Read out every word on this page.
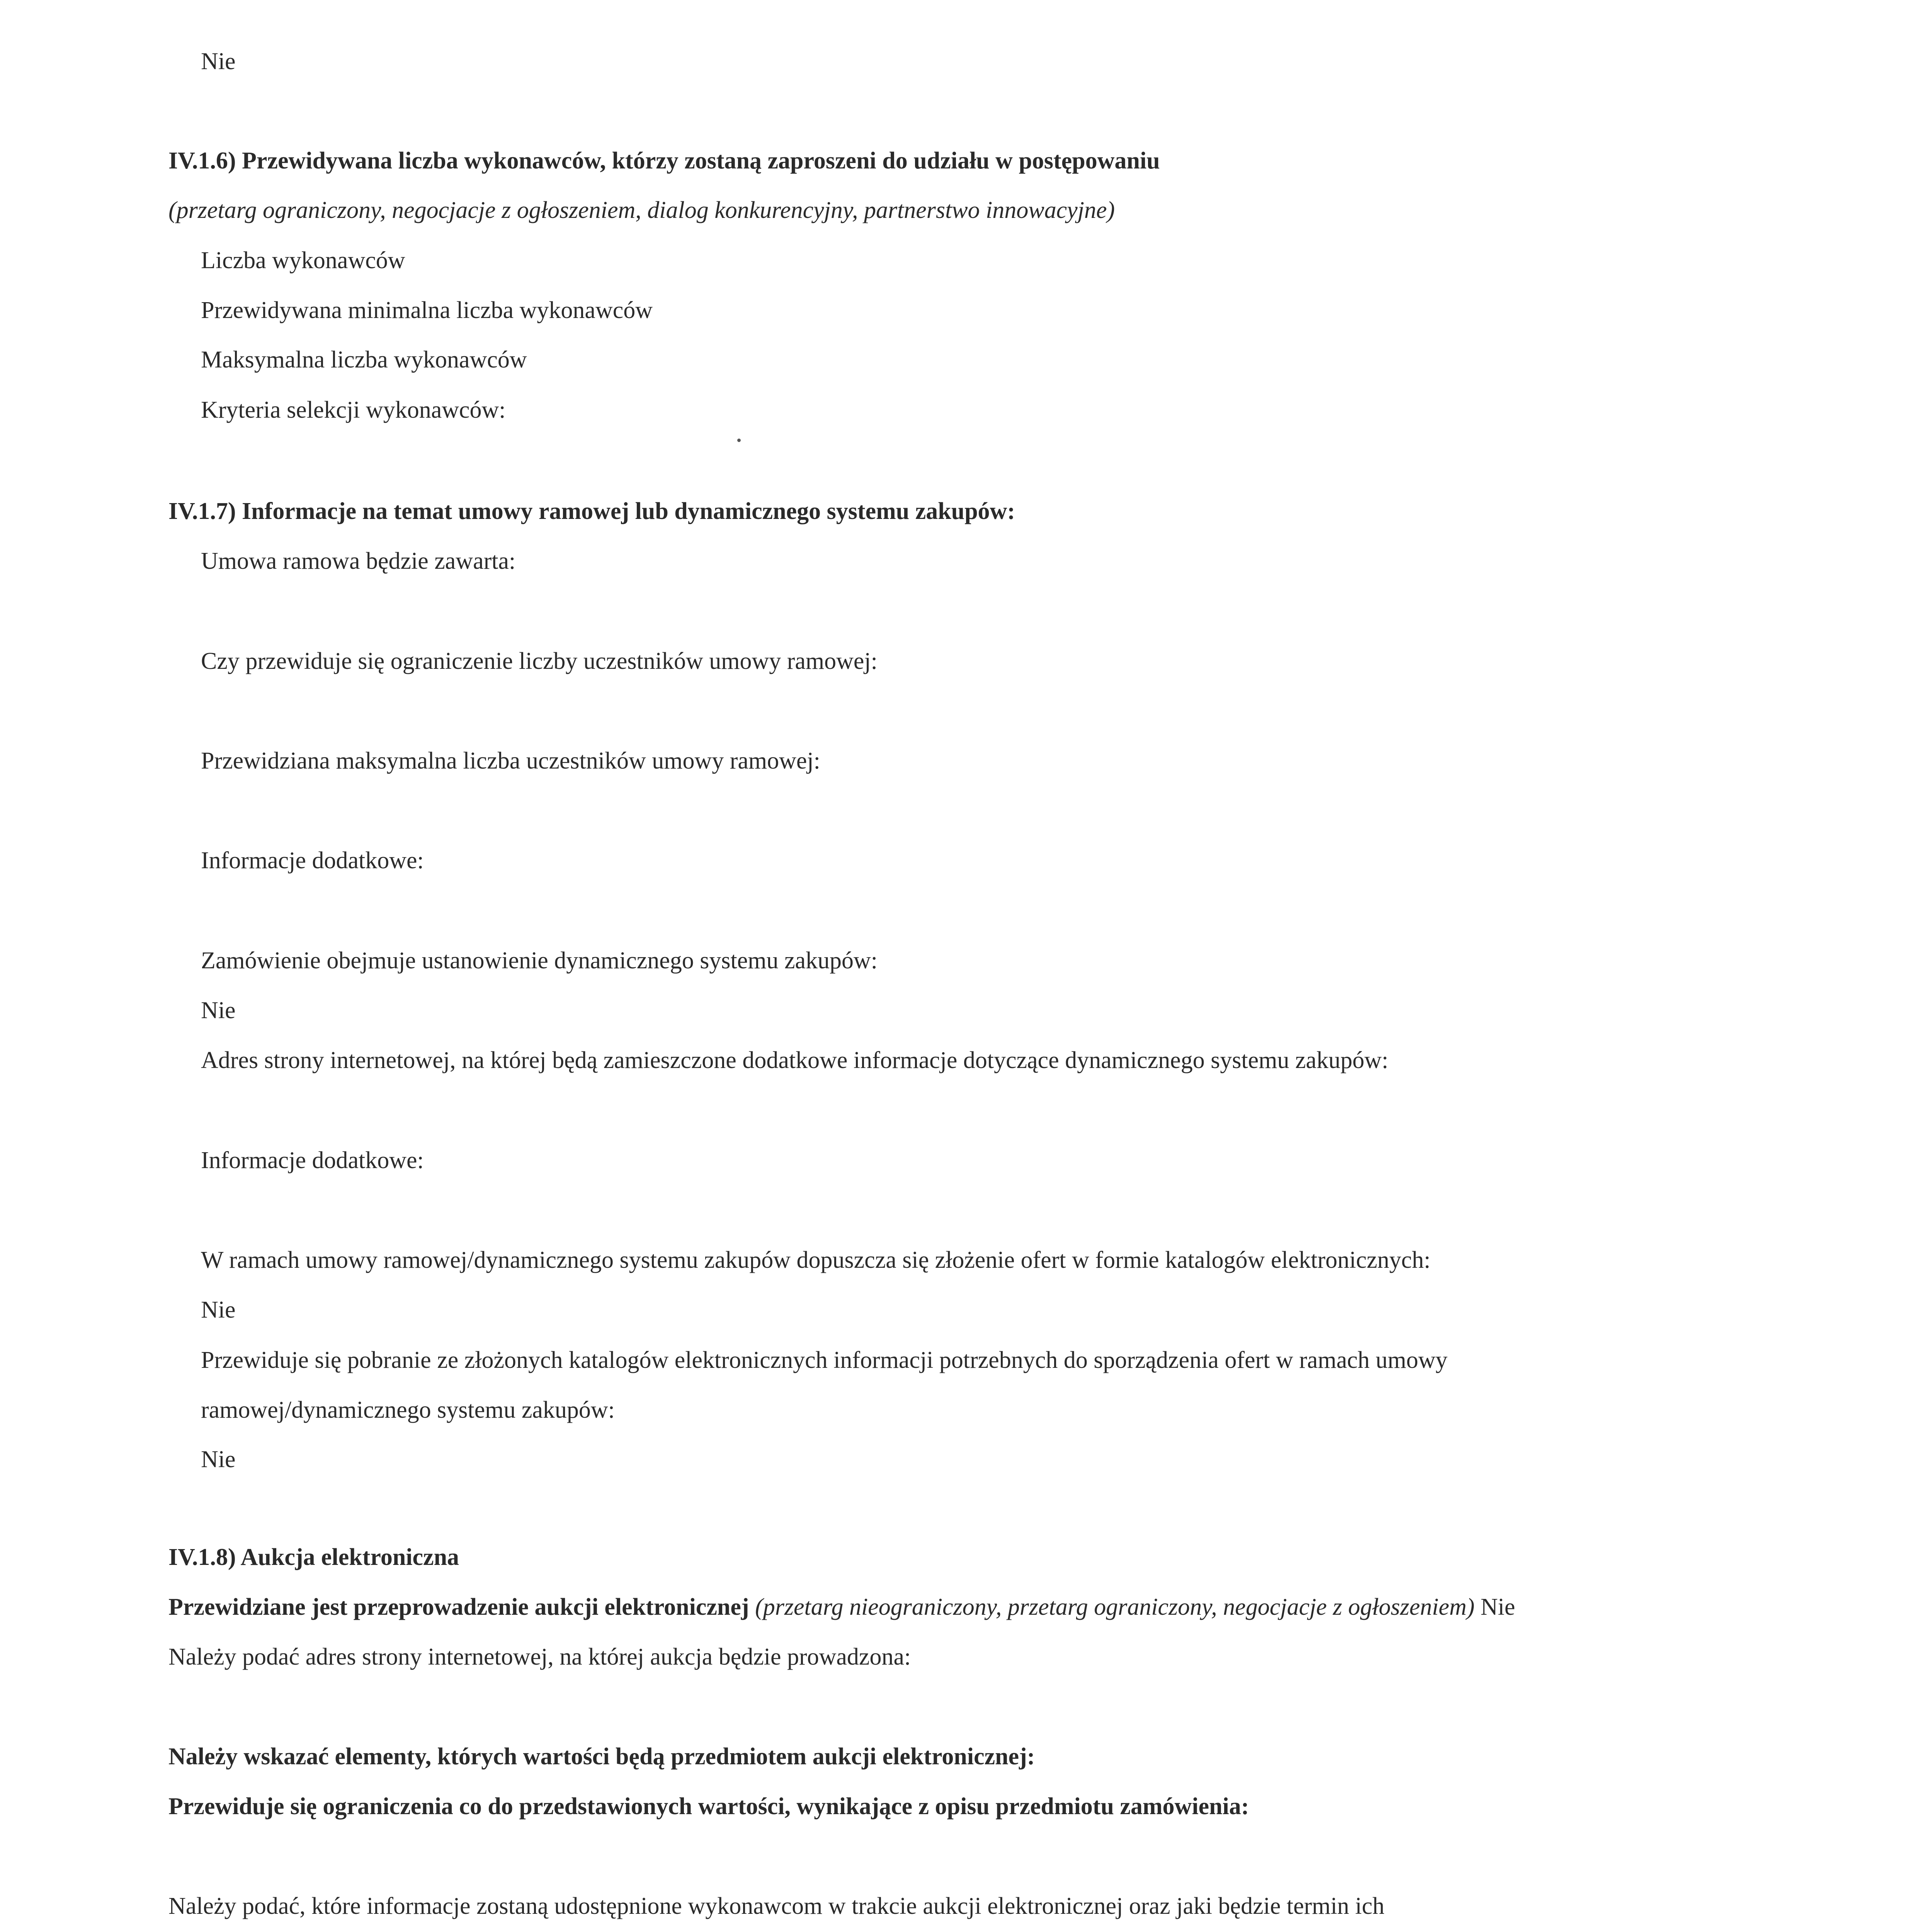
Nie
IV.1.6) Przewidywana liczba wykonawców, którzy zostaną zaproszeni do udziału w postępowaniu
(przetarg ograniczony, negocjacje z ogłoszeniem, dialog konkurencyjny, partnerstwo innowacyjne)
Liczba wykonawców
Przewidywana minimalna liczba wykonawców
Maksymalna liczba wykonawców
Kryteria selekcji wykonawców:
IV.1.7) Informacje na temat umowy ramowej lub dynamicznego systemu zakupów:
Umowa ramowa będzie zawarta:
Czy przewiduje się ograniczenie liczby uczestników umowy ramowej:
Przewidziana maksymalna liczba uczestników umowy ramowej:
Informacje dodatkowe:
Zamówienie obejmuje ustanowienie dynamicznego systemu zakupów:
Nie
Adres strony internetowej, na której będą zamieszczone dodatkowe informacje dotyczące dynamicznego systemu zakupów:
Informacje dodatkowe:
W ramach umowy ramowej/dynamicznego systemu zakupów dopuszcza się złożenie ofert w formie katalogów elektronicznych:
Nie
Przewiduje się pobranie ze złożonych katalogów elektronicznych informacji potrzebnych do sporządzenia ofert w ramach umowy
ramowej/dynamicznego systemu zakupów:
Nie
IV.1.8) Aukcja elektroniczna
Przewidziane jest przeprowadzenie aukcji elektronicznej (przetarg nieograniczony, przetarg ograniczony, negocjacje z ogłoszeniem) Nie
Należy podać adres strony internetowej, na której aukcja będzie prowadzona:
Należy wskazać elementy, których wartości będą przedmiotem aukcji elektronicznej:
Przewiduje się ograniczenia co do przedstawionych wartości, wynikające z opisu przedmiotu zamówienia:
Należy podać, które informacje zostaną udostępnione wykonawcom w trakcie aukcji elektronicznej oraz jaki będzie termin ich
